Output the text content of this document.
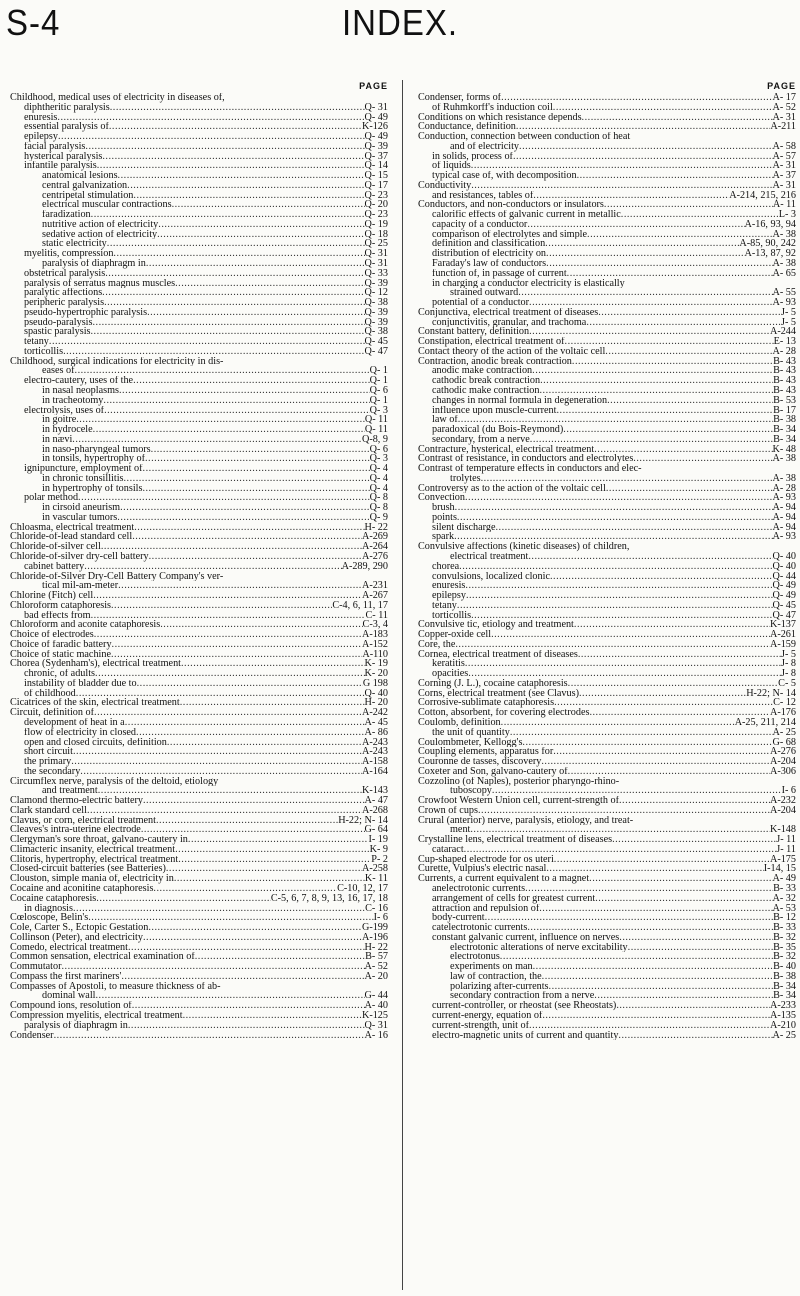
S-4	INDEX.
PAGE
Childhood, medical uses of electricity in diseases of,
diphtheritic paralysis .....	Q- 31
enuresis .....	Q- 49
essential paralysis of .....	K-126
epilepsy .....	Q- 49
facial paralysis .....	Q- 39
hysterical paralysis .....	Q- 37
infantile paralysis .....	Q- 14
anatomical lesions .....	Q- 15
central galvanization .....	Q- 17
centripetal stimulation .....	Q- 23
electrical muscular contractions .....	Q- 20
faradization .....	Q- 23
nutritive action of electricity .....	Q- 19
sedative action of electricity .....	Q- 18
static electricity .....	Q- 25
myelitis, compression .....	Q- 31
paralysis of diaphragm in .....	Q- 31
obstetrical paralysis .....	Q- 33
paralysis of serratus magnus muscles .....	Q- 39
paralytic affections .....	Q- 12
peripheric paralysis .....	Q- 38
pseudo-hypertrophic paralysis .....	Q- 39
pseudo-paralysis .....	Q- 39
spastic paralysis .....	Q- 38
tetany .....	Q- 45
torticollis .....	Q- 47
Childhood, surgical indications for electricity in dis-
eases of .....	Q- 1
electro-cautery, uses of the .....	Q- 1
in nasal neoplasms .....	Q- 6
in tracheotomy .....	Q- 1
electrolysis, uses of .....	Q- 3
in goitre .....	Q- 11
in hydrocele .....	Q- 11
in nævi .....	Q-8, 9
in naso-pharyngeal tumors .....	Q- 6
in tonsils, hypertrophy of .....	Q- 3
ignipuncture, employment of .....	Q- 4
in chronic tonsillitis .....	Q- 4
in hypertrophy of tonsils .....	Q- 4
polar method .....	Q- 8
in cirsoid aneurism .....	Q- 8
in vascular tumors .....	Q- 9
Chloasma, electrical treatment .....	H- 22
Chloride-of-lead standard cell .....	A-269
Chloride-of-silver cell .....	A-264
Chloride-of-silver dry-cell battery .....	A-276
cabinet battery .....	A-289, 290
Chloride-of-Silver Dry-Cell Battery Company's ver-
tical mil-am-meter .....	A-231
Chlorine (Fitch) cell .....	A-267
Chloroform cataphoresis .....	C-4, 6, 11, 17
bad effects from .....	C- 11
Chloroform and aconite cataphoresis .....	C-3, 4
Choice of electrodes .....	A-183
Choice of faradic battery .....	A-152
Choice of static machine .....	A-110
Chorea (Sydenham's), electrical treatment .....	K- 19
chronic, of adults .....	K- 20
instability of bladder due to .....	G 198
of childhood .....	Q- 40
Cicatrices of the skin, electrical treatment .....	H- 20
Circuit, definition of .....	A-242
development of heat in a .....	A- 45
flow of electricity in closed .....	A- 86
open and closed circuits, definition .....	A-243
short circuit .....	A-243
the primary .....	A-158
the secondary .....	A-164
Circumflex nerve, paralysis of the deltoid, etiology
and treatment .....	K-143
Clamond thermo-electric battery .....	A- 47
Clark standard cell .....	A-268
Clavus, or corn, electrical treatment .....	H-22; N- 14
Cleaves's intra-uterine electrode .....	G- 64
Clergyman's sore throat, galvano-cautery in .....	I- 19
Climacteric insanity, electrical treatment .....	K- 9
Clitoris, hypertrophy, electrical treatment .....	P- 2
Closed-circuit batteries (see Batteries) .....	A-258
Clouston, simple mania of, electricity in .....	K- 11
Cocaine and aconitine cataphoresis .....	C-10, 12, 17
Cocaine cataphoresis .....	C-5, 6, 7, 8, 9, 13, 16, 17, 18
in diagnosis .....	C- 16
Cœloscope, Belin's .....	I- 6
Cole, Carter S., Ectopic Gestation .....	G-199
Collinson (Peter), and electricity .....	A-196
Comedo, electrical treatment .....	H- 22
Common sensation, electrical examination of .....	B- 57
Commutator .....	A- 52
Compass the first mariners' .....	A- 20
Compasses of Apostoli, to measure thickness of ab-
dominal wall .....	G- 44
Compound ions, resolution of .....	A- 40
Compression myelitis, electrical treatment .....	K-125
paralysis of diaphragm in .....	Q- 31
Condenser .....	A- 16
PAGE
Condenser, forms of .....	A- 17
of Ruhmkorff's induction coil .....	A- 52
Conditions on which resistance depends .....	A- 31
Conductance, definition .....	A-211
Conduction, connection between conduction of heat
and of electricity .....	A- 58
in solids, process of .....	A- 57
of liquids .....	A- 31
typical case of, with decomposition .....	A- 37
Conductivity .....	A- 31
and resistances, tables of .....	A-214, 215, 216
Conductors, and non-conductors or insulators .....	A- 11
calorific effects of galvanic current in metallic .....	L- 3
capacity of a conductor .....	A-16, 93, 94
comparison of electrolytes and simple .....	A- 38
definition and classification .....	A-85, 90, 242
distribution of electricity on .....	A-13, 87, 92
Faraday's law of conductors .....	A- 38
function of, in passage of current .....	A- 65
in charging a conductor electricity is elastically
strained outward .....	A- 55
potential of a conductor .....	A- 93
Conjunctiva, electrical treatment of diseases .....	J- 5
conjunctivitis, granular, and trachoma .....	J- 5
Constant battery, definition .....	A-244
Constipation, electrical treatment of .....	E- 13
Contact theory of the action of the voltaic cell .....	A- 28
Contraction, anodic break contraction .....	B- 43
anodic make contraction .....	B- 43
cathodic break contraction .....	B- 43
cathodic make contraction .....	B- 43
changes in normal formula in degeneration .....	B- 53
influence upon muscle-current .....	B- 17
law of .....	B- 38
paradoxical (du Bois-Reymond) .....	B- 34
secondary, from a nerve .....	B- 34
Contracture, hysterical, electrical treatment .....	K- 48
Contrast of resistance, in conductors and electrolytes .....	A- 38
Contrast of temperature effects in conductors and elec-
trolytes .....	A- 38
Controversy as to the action of the voltaic cell .....	A- 28
Convection .....	A- 93
brush .....	A- 94
points .....	A- 94
silent discharge .....	A- 94
spark .....	A- 93
Convulsive affections (kinetic diseases) of children,
electrical treatment .....	Q- 40
chorea .....	Q- 40
convulsions, localized clonic .....	Q- 44
enuresis .....	Q- 49
epilepsy .....	Q- 49
tetany .....	Q- 45
torticollis .....	Q- 47
Convulsive tic, etiology and treatment .....	K-137
Copper-oxide cell .....	A-261
Core, the .....	A-159
Cornea, electrical treatment of diseases .....	J- 5
keratitis .....	J- 8
opacities .....	J- 8
Corning (J. L.), cocaine cataphoresis .....	C- 5
Corns, electrical treatment (see Clavus) .....	H-22; N- 14
Corrosive-sublimate cataphoresis .....	C- 12
Cotton, absorbent, for covering electrodes .....	A-176
Coulomb, definition .....	A-25, 211, 214
the unit of quantity .....	A- 25
Coulombmeter, Kellogg's .....	G- 68
Coupling elements, apparatus for .....	A-276
Couronne de tasses, discovery .....	A-204
Coxeter and Son, galvano-cautery of .....	A-306
Cozzolino (of Naples), posterior pharyngo-rhino-
tuboscopy .....	I- 6
Crowfoot Western Union cell, current-strength of .....	A-232
Crown of cups .....	A-204
Crural (anterior) nerve, paralysis, etiology, and treat-
ment .....	K-148
Crystalline lens, electrical treatment of diseases .....	J- 11
cataract .....	J- 11
Cup-shaped electrode for os uteri .....	A-175
Curette, Vulpius's electric nasal .....	I-14, 15
Currents, a current equivalent to a magnet .....	A- 49
anelectrotonic currents .....	B- 33
arrangement of cells for greatest current .....	A- 32
attraction and repulsion of .....	A- 53
body-current .....	B- 12
catelectrotonic currents .....	B- 33
constant galvanic current, influence on nerves .....	B- 32
electrotonic alterations of nerve excitability .....	B- 35
electrotonus .....	B- 32
experiments on man .....	B- 40
law of contraction, the .....	B- 38
polarizing after-currents .....	B- 34
secondary contraction from a nerve .....	B- 34
current-controller, or rheostat (see Rheostats) .....	A-233
current-energy, equation of .....	A-135
current-strength, unit of .....	A-210
electro-magnetic units of current and quantity .....	A- 25
